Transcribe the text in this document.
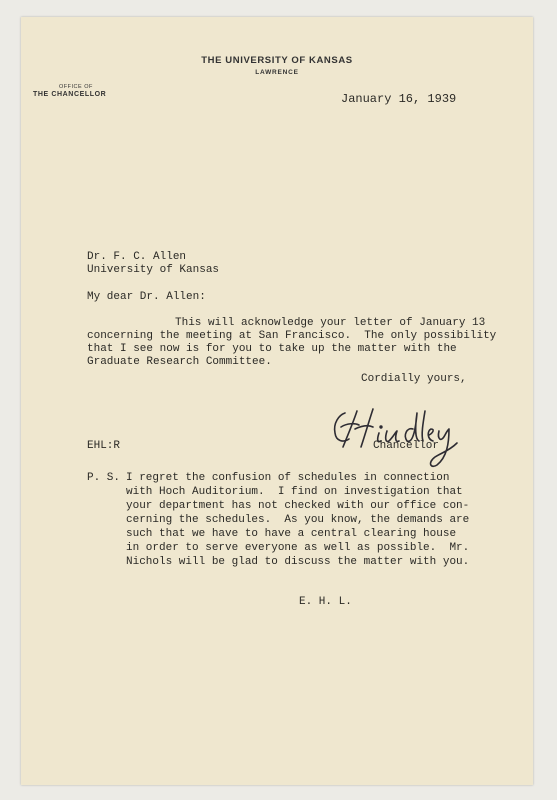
THE UNIVERSITY OF KANSAS
LAWRENCE
OFFICE OF
THE CHANCELLOR	January 16, 1939
Dr. F. C. Allen
University of Kansas
My dear Dr. Allen:
This will acknowledge your letter of January 13
concerning the meeting at San Francisco.  The only possibility
that I see now is for you to take up the matter with the
Graduate Research Committee.
Cordially yours,
Chancellor
EHL:R
P. S. I regret the confusion of schedules in connection
with Hoch Auditorium.  I find on investigation that
your department has not checked with our office con-
cerning the schedules.  As you know, the demands are
such that we have to have a central clearing house
in order to serve everyone as well as possible.  Mr.
Nichols will be glad to discuss the matter with you.
E. H. L.
